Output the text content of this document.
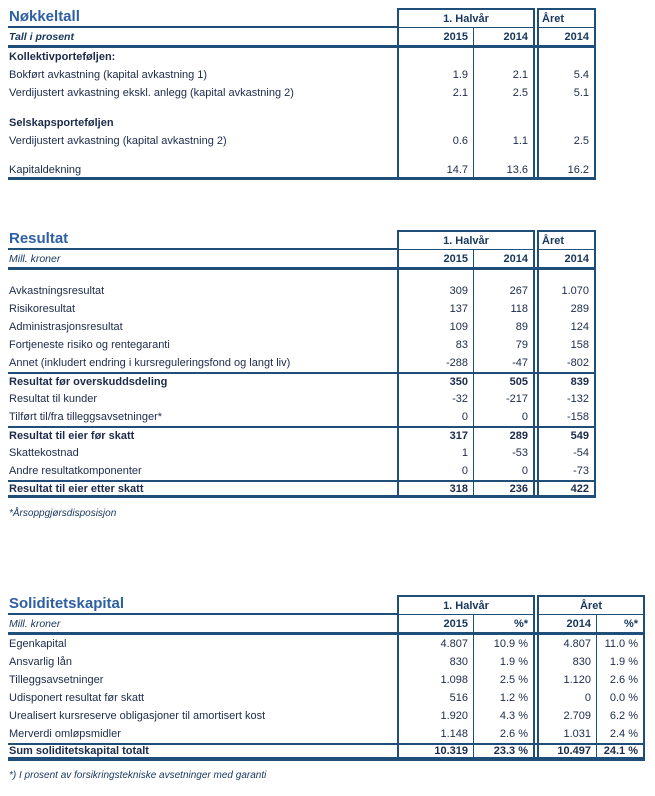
Nøkkeltall	1. Halvår	Året
Tall i prosent	2015	2014	2014
Kollektivporteføljen:
Bokført avkastning (kapital avkastning 1)	1.9	2.1	5.4
Verdijustert avkastning ekskl. anlegg (kapital avkastning 2)	2.1	2.5	5.1
Selskapsporteføljen
Verdijustert avkastning (kapital avkastning 2)	0.6	1.1	2.5
Kapitaldekning	14.7	13.6	16.2
Resultat	1. Halvår	Året
Mill. kroner	2015	2014	2014
Avkastningsresultat	309	267	1.070
Risikoresultat	137	118	289
Administrasjonsresultat	109	89	124
Fortjeneste risiko og rentegaranti	83	79	158
Annet (inkludert endring i kursreguleringsfond og langt liv)	-288	-47	-802
Resultat før overskuddsdeling	350	505	839
Resultat til kunder	-32	-217	-132
Tilført til/fra tilleggsavsetninger*	0	0	-158
Resultat til eier før skatt	317	289	549
Skattekostnad	1	-53	-54
Andre resultatkomponenter	0	0	-73
Resultat til eier etter skatt	318	236	422
*Årsoppgjørsdisposisjon
Soliditetskapital	1. Halvår	Året
Mill. kroner	2015	%*	2014	%*
Egenkapital	4.807	10.9 %	4.807	11.0 %
Ansvarlig lån	830	1.9 %	830	1.9 %
Tilleggsavsetninger	1.098	2.5 %	1.120	2.6 %
Udisponert resultat før skatt	516	1.2 %	0	0.0 %
Urealisert kursreserve obligasjoner til amortisert kost	1.920	4.3 %	2.709	6.2 %
Merverdi omløpsmidler	1.148	2.6 %	1.031	2.4 %
Sum soliditetskapital totalt	10.319	23.3 %	10.497	24.1 %
*) I prosent av forsikringstekniske avsetninger med garanti
